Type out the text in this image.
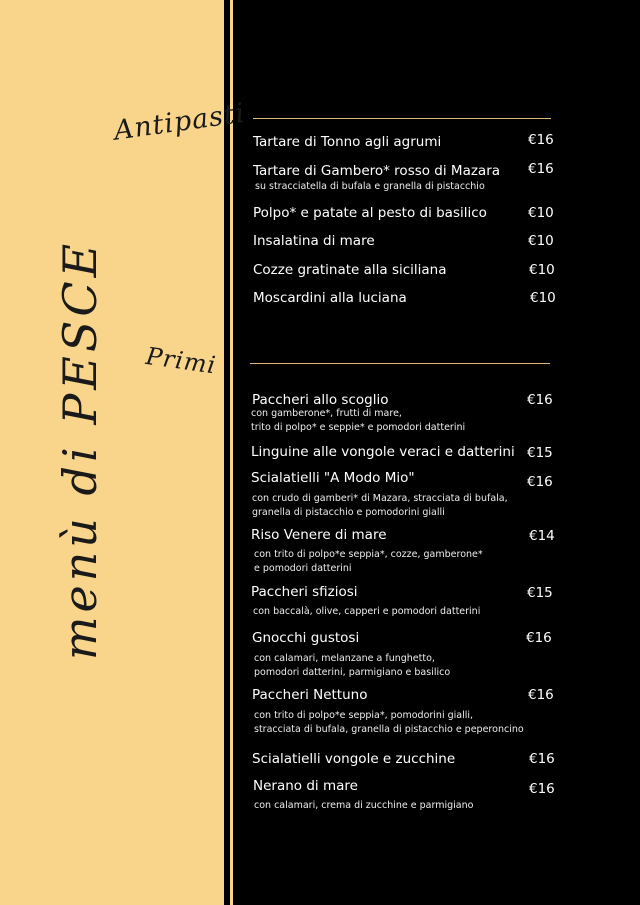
Antipasti
Primi
menù di PESCE
Tartare di Tonno agli agrumi	€16
Tartare di Gambero* rosso di Mazara €16
su stracciatella di bufala e granella di pistacchio
Polpo* e patate al pesto di basilico	€10
Insalatina di mare	€10
Cozze gratinate alla siciliana	€10
Moscardini alla luciana	€10
Paccheri allo scoglio	€16
con gamberone*, frutti di mare,
trito di polpo* e seppie* e pomodori datterini
Linguine alle vongole veraci e datterini €15
Scialatielli "A Modo Mio"	€16
con crudo di gamberi* di Mazara, stracciata di bufala,
granella di pistacchio e pomodorini gialli
Riso Venere di mare	€14
con trito di polpo*e seppia*, cozze, gamberone*
e pomodori datterini
Paccheri sfiziosi	€15
con baccalà, olive, capperi e pomodori datterini
Gnocchi gustosi	€16
con calamari, melanzane a funghetto,
pomodori datterini, parmigiano e basilico
Paccheri Nettuno	€16
con trito di polpo*e seppia*, pomodorini gialli,
stracciata di bufala, granella di pistacchio e peperoncino
Scialatielli vongole e zucchine	€16
Nerano di mare	€16
con calamari, crema di zucchine e parmigiano
